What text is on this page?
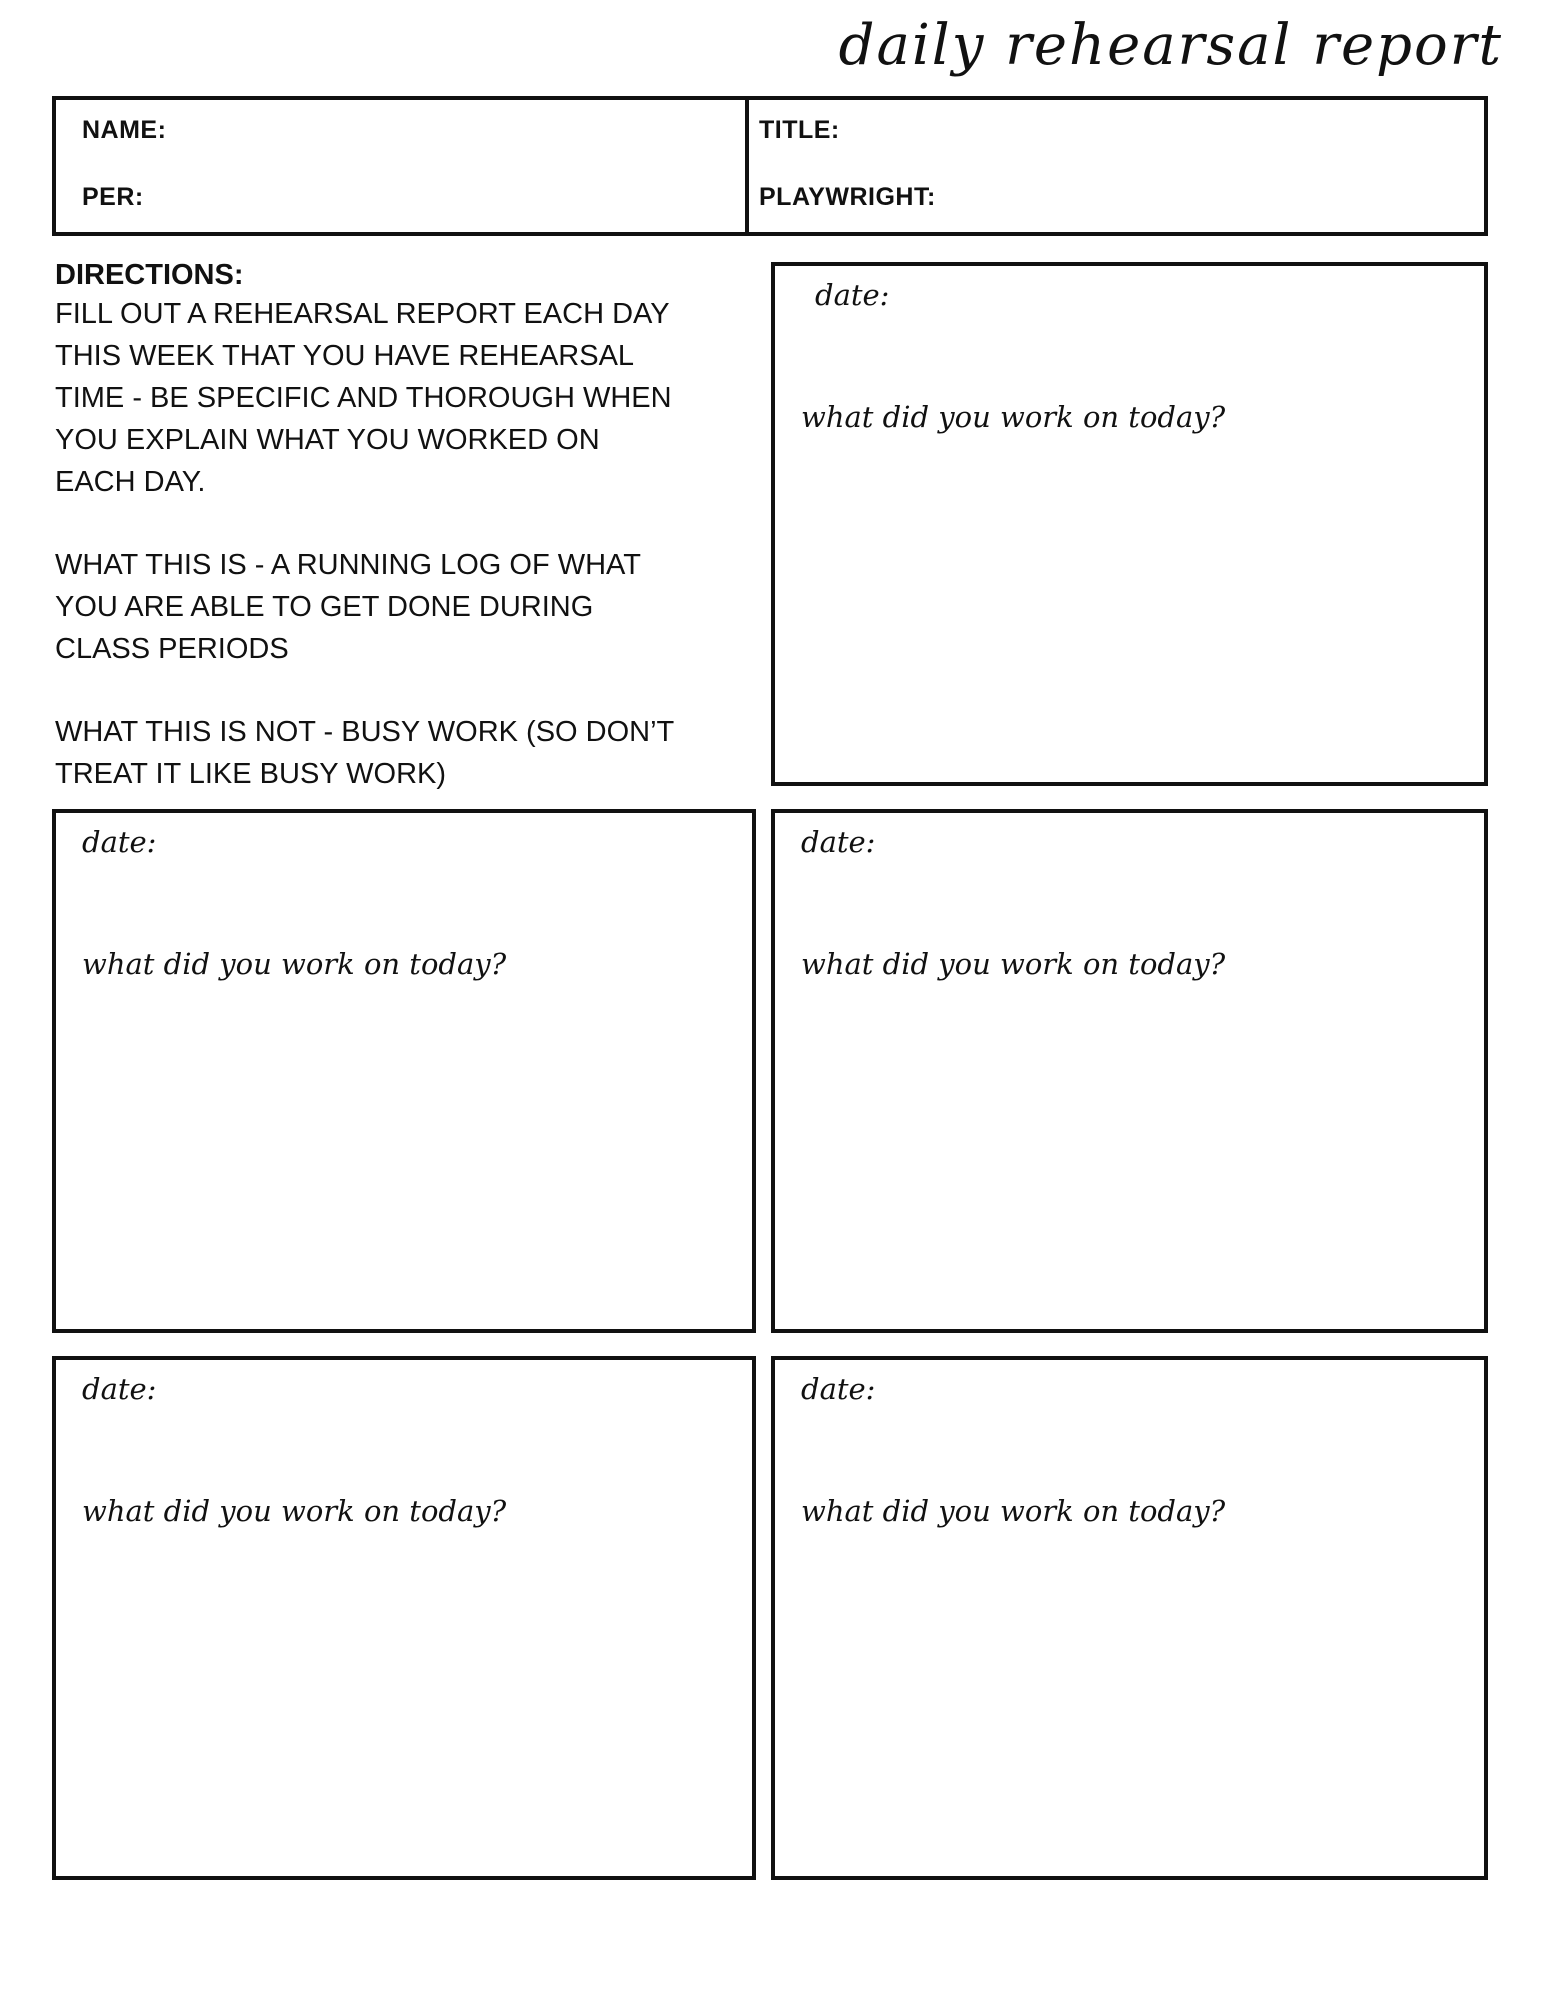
daily rehearsal report
NAME:
PER:
TITLE:
PLAYWRIGHT:

DIRECTIONS:

FILL OUT A REHEARSAL REPORT EACH DAY
THIS WEEK THAT YOU HAVE REHEARSAL
TIME - BE SPECIFIC AND THOROUGH WHEN
YOU EXPLAIN WHAT YOU WORKED ON
EACH DAY.

WHAT THIS IS - A RUNNING LOG OF WHAT
YOU ARE ABLE TO GET DONE DURING
CLASS PERIODS

WHAT THIS IS NOT - BUSY WORK (SO DON’T
TREAT IT LIKE BUSY WORK)

date:
what did you work on today?
date:
what did you work on today?
date:
what did you work on today?
date:
what did you work on today?
date:
what did you work on today?
